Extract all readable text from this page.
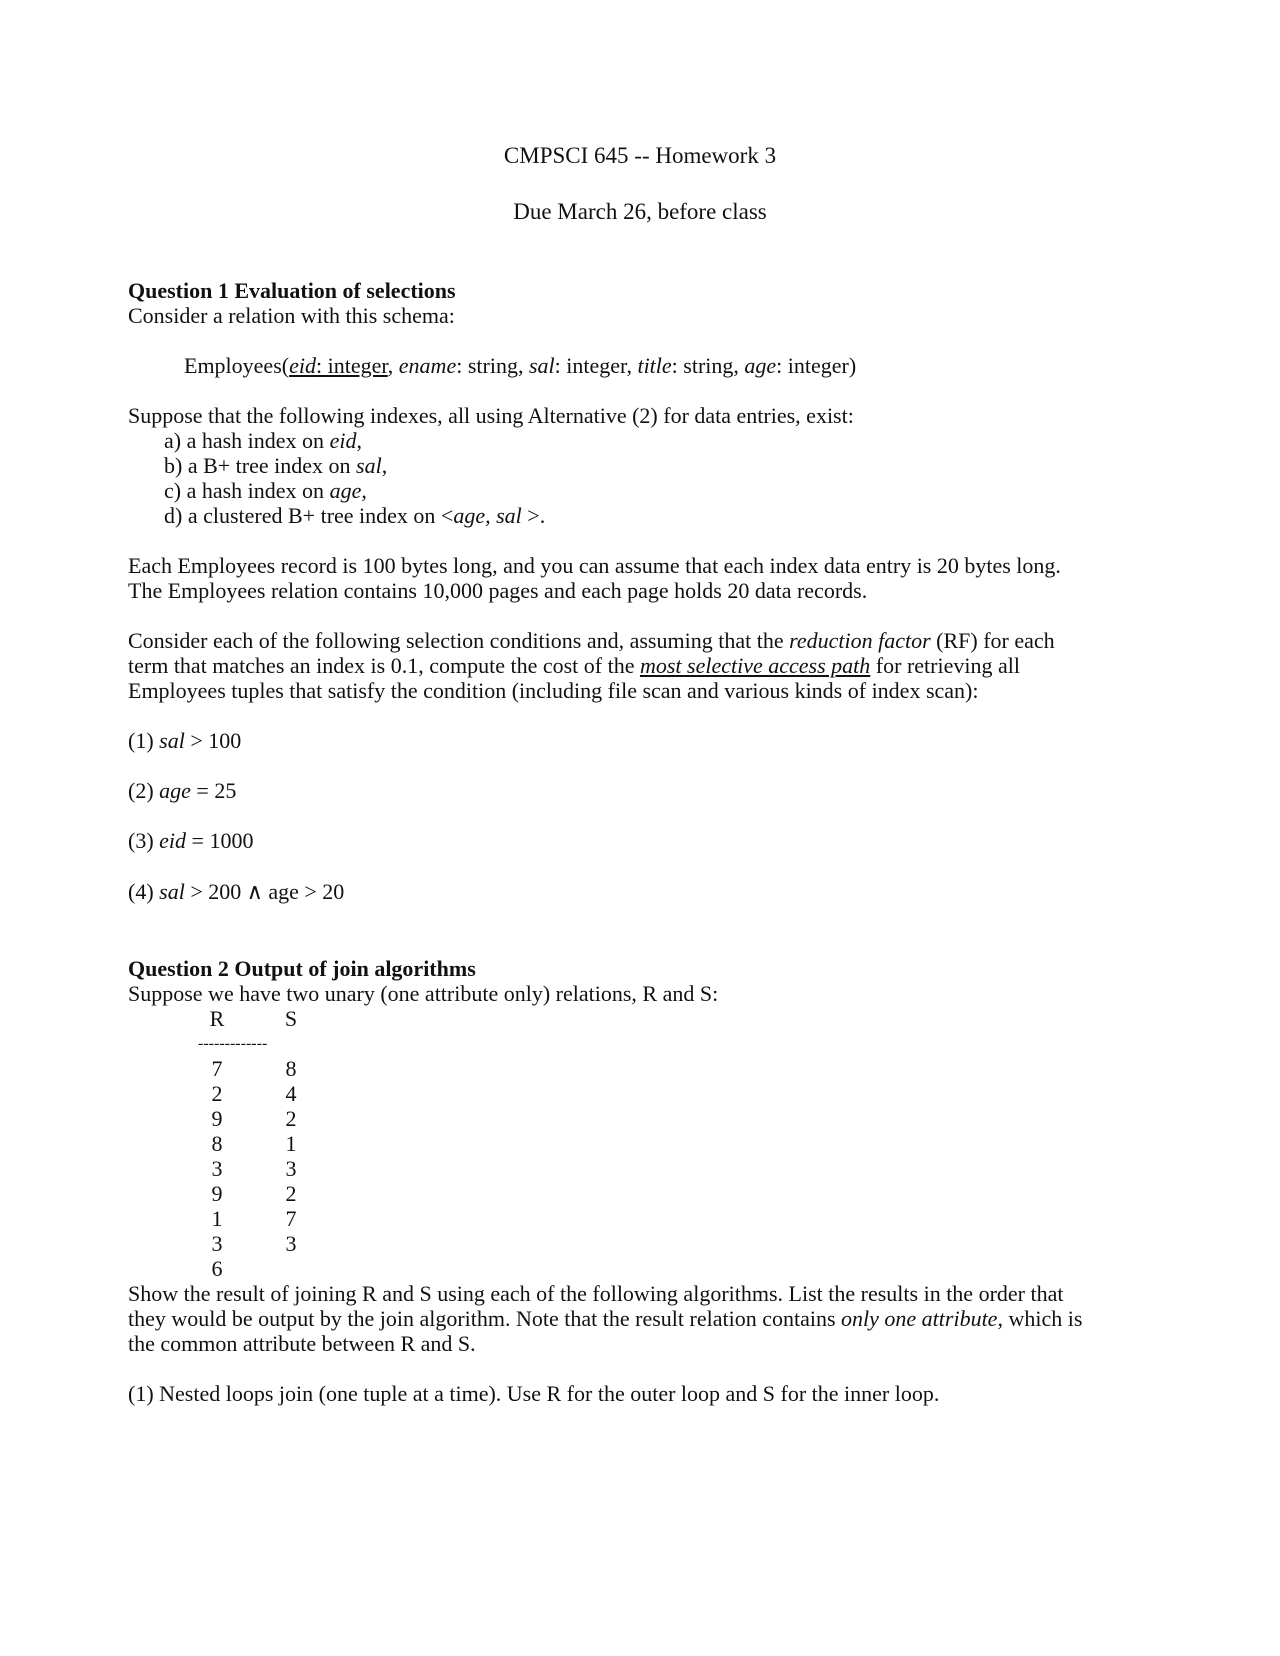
CMPSCI 645 -- Homework 3
Due March 26, before class
Question 1 Evaluation of selections
Consider a relation with this schema:
Employees(eid: integer, ename: string, sal: integer, title: string, age: integer)
Suppose that the following indexes, all using Alternative (2) for data entries, exist:
a) a hash index on eid,
b) a B+ tree index on sal,
c) a hash index on age,
d) a clustered B+ tree index on <age, sal >.
Each Employees record is 100 bytes long, and you can assume that each index data entry is 20 bytes long.
The Employees relation contains 10,000 pages and each page holds 20 data records.
Consider each of the following selection conditions and, assuming that the reduction factor (RF) for each
term that matches an index is 0.1, compute the cost of the most selective access path for retrieving all
Employees tuples that satisfy the condition (including file scan and various kinds of index scan):
(1) sal > 100
(2) age = 25
(3) eid = 1000
(4) sal > 200 ∧ age > 20
Question 2 Output of join algorithms
Suppose we have two unary (one attribute only) relations, R and S:
R	S
-------------
7
2
9
8
3
9
1
3
6
8
4
2
1
3
2
7
3
Show the result of joining R and S using each of the following algorithms. List the results in the order that
they would be output by the join algorithm. Note that the result relation contains only one attribute, which is
the common attribute between R and S.
(1) Nested loops join (one tuple at a time). Use R for the outer loop and S for the inner loop.
